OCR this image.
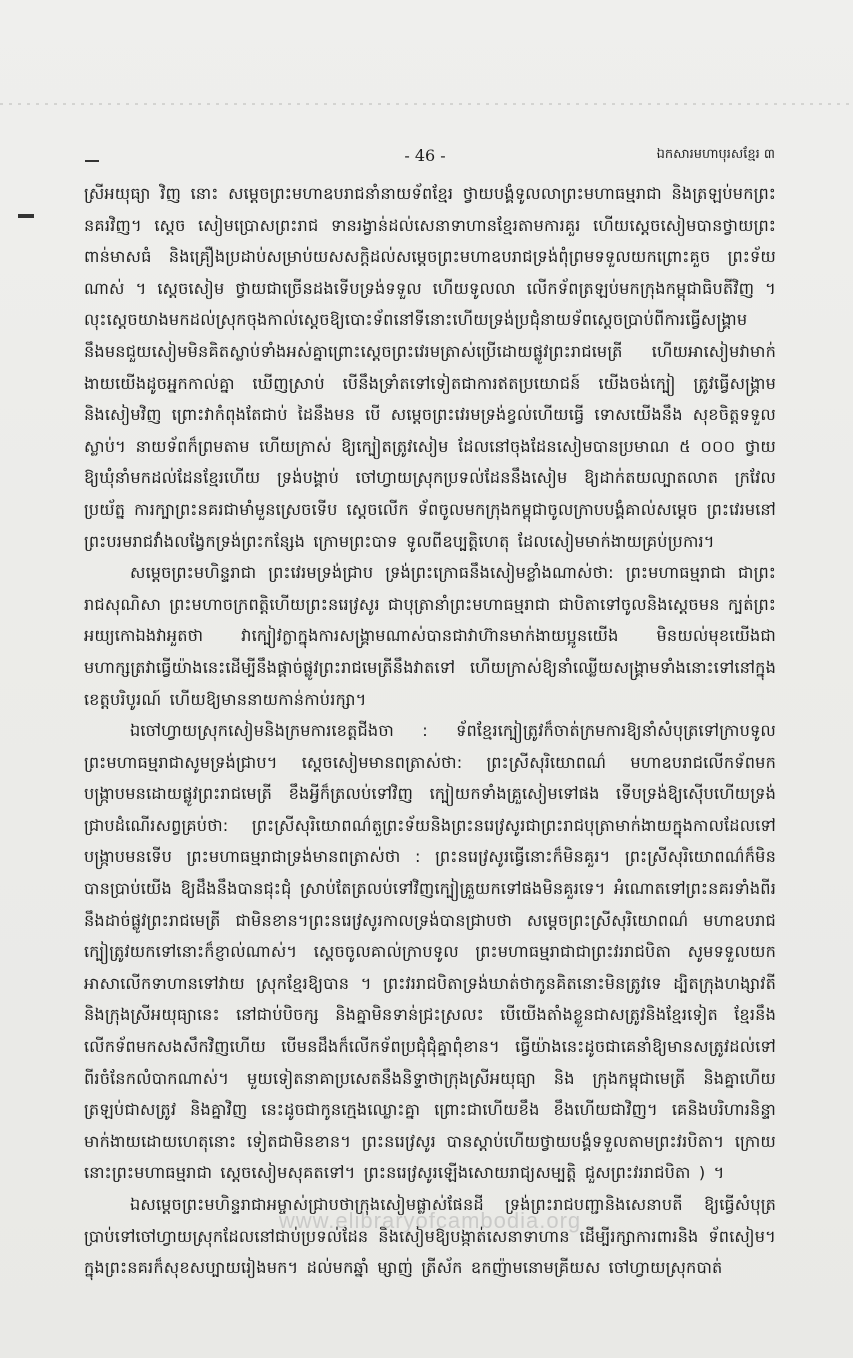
- 46 -	ឯកសារមហាបុរសខ្មែរ ៣

ស្រីអយុធ្យា វិញ នោះ សម្តេចព្រះមហាឧបរាជនាំនាយទ័ពខ្មែរ ថ្វាយបង្គំទូលលាព្រះមហាធម្មរាជា និងត្រឡប់មកព្រះនគរវិញ។ ស្តេច សៀមប្រោសព្រះរាជ ទានរង្វាន់ដល់សេនាទាហានខ្មែរតាមការគួរ ហើយស្តេចសៀមបានថ្វាយព្រះពាន់មាសធំ និងគ្រឿងប្រដាប់សម្រាប់យសសក្តិដល់សម្តេចព្រះមហាឧបរាជទ្រង់ពុំព្រមទទួលយកព្រោះគួច ព្រះទ័យណាស់ ។ ស្តេចសៀម ថ្វាយជាច្រើនដងទើបទ្រង់ទទួល ហើយទូលលា លើកទ័ពត្រឡប់មកក្រុងកម្ពុជាធិបតីវិញ ។ លុះស្តេចយាងមកដល់ស្រុកចុងកាល់ស្តេចឱ្យបោះទ័ពនៅទីនោះហើយទ្រង់ប្រជុំនាយទ័ពស្តេចប្រាប់ពីការធ្វើសង្គ្រាមនឹងមនជួយសៀមមិនគិតស្លាប់ទាំងអស់គ្នាព្រោះស្តេចព្រះវេរមត្រាស់ប្រើដោយផ្លូវព្រះរាជមេត្រី ហើយអាសៀមវាមាក់ ងាយយើងដូចអ្នកកាល់គ្នា ឃើញស្រាប់ បើនឹងទ្រាំតទៅទៀតជាការឥតប្រយោជន៍ យើងចង់ក្បៀ ត្រូវធ្វើសង្គ្រាម និងសៀមវិញ ព្រោះវាកំពុងតែជាប់ ដៃនឹងមន បើ សម្តេចព្រះវេរមទ្រង់ខ្វល់ហើយធ្វើ ទោសយើងនឹង សុខចិត្តទទួលស្លាប់។ នាយទ័ពក៏ព្រមតាម ហើយក្រាស់ ឱ្យក្បៀតត្រូវសៀម ដែលនៅចុងដែនសៀមបានប្រមាណ ៥ ០០០ ថ្វាយ ឱ្យឃុំនាំមកដល់ដែនខ្មែរហើយ ទ្រង់បង្គាប់ ចៅហ្វាយស្រុកប្រទល់ដែននឹងសៀម ឱ្យដាក់តយល្បាតលាត ក្រវែលប្រយ័ត្ន ការក្បាព្រះនគរជាមាំមួនស្រេចទើប ស្តេចលើក ទ័ពចូលមកក្រុងកម្ពុជាចូលក្រាបបង្គំគាល់សម្តេច ព្រះវេរមនៅ ព្រះបរមរាជវាំងលង្វែកទ្រង់ព្រះកន្សែង ក្រោមព្រះបាទ ទូលពីឧប្បត្តិហេតុ ដែលសៀមមាក់ងាយគ្រប់ប្រការ។

សម្តេចព្រះមហិន្ទរាជា ព្រះវេរមទ្រង់ជ្រាប ទ្រង់ព្រះក្រោធនឹងសៀមខ្លាំងណាស់ថា: ព្រះមហាធម្មរាជា ជាព្រះរាជសុណិសា ព្រះមហាចក្រពត្តិហើយព្រះនរេវ្រសូរ ជាបុត្រានាំព្រះមហាធម្មរាជា ជាបិតាទៅចូលនិងស្តេចមន ក្បត់ព្រះអយ្យកោឯងវាអួតថា វាក្បៀវក្លាក្នុងការសង្គ្រាមណាស់បានជាវាហ៊ានមាក់ងាយប្អូនយើង មិនយល់មុខយើងជាមហាក្សត្រវាធ្វើយ៉ាងនេះដើម្បីនឹងផ្តាច់ផ្លូវព្រះរាជមេត្រីនឹងវាតទៅ ហើយក្រាស់ឱ្យនាំឈ្លើយសង្គ្រាមទាំងនោះទៅនៅក្នុងខេត្តបរិបូរណ៍ ហើយឱ្យមាននាយកាន់កាប់រក្សា។

ឯចៅហ្វាយស្រុកសៀមនិងក្រមការខេត្តជីងចា : ទ័ពខ្មែរក្បៀត្រូវក៏ចាត់ក្រមការឱ្យនាំសំបុត្រទៅក្រាបទូលព្រះមហាធម្មរាជាសូមទ្រង់ជ្រាប។ ស្តេចសៀមមានពត្រាស់ថា: ព្រះស្រីសុរិយោពណ៌ មហាឧបរាជលើកទ័ពមក បង្ក្រាបមនដោយផ្លូវព្រះរាជមេត្រី ខឹងអ្វីក៏ត្រលប់ទៅវិញ ក្បៀយកទាំងគ្រួសៀមទៅផង ទើបទ្រង់ឱ្យស៊ើបហើយទ្រង់ ជ្រាបដំណើរសព្វគ្រប់ថា: ព្រះស្រីសុរិយោពណ៌តួព្រះទ័យនិងព្រះនរេវ្រសូរជាព្រះរាជបុត្រាមាក់ងាយក្នុងកាលដែលទៅបង្ក្រាបមនទើប ព្រះមហាធម្មរាជាទ្រង់មានពត្រាស់ថា : ព្រះនរេវ្រសូរធ្វើនោះក៏មិនគួរ។ ព្រះស្រីសុរិយោពណ៌ក៏មិនបានប្រាប់យើង ឱ្យដឹងនឹងបានជុះជុំ ស្រាប់តែត្រលប់ទៅវិញក្បៀគ្រួយកទៅផងមិនគួរទេ។ អំណោតទៅព្រះនគរទាំងពីរនឹងដាច់ផ្លូវព្រះរាជមេត្រី ជាមិនខាន។ព្រះនរេវ្រសូរកាលទ្រង់បានជ្រាបថា សម្តេចព្រះស្រីសុរិយោពណ៌ មហាឧបរាជក្បៀត្រូវយកទៅនោះក៏ខ្ញាល់ណាស់។ ស្តេចចូលគាល់ក្រាបទូល ព្រះមហាធម្មរាជាជាព្រះវររាជបិតា សូមទទួលយក អាសាលើកទាហានទៅវាយ ស្រុកខ្មែរឱ្យបាន ។ ព្រះវររាជបិតាទ្រង់ឃាត់ថាកូនគិតនោះមិនត្រូវទេ ដ្បិតក្រុងហង្សាវតីនិងក្រុងស្រីអយុធ្យានេះ នៅជាប់បិចក្ស និងគ្នាមិនទាន់ជ្រះស្រលះ បើយើងតាំងខ្លួនជាសត្រូវនិងខ្មែរទៀត ខ្មែរនឹងលើកទ័ពមកសងសឹកវិញហើយ បើមនដឹងក៏លើកទ័ពប្រជុំជុំគ្នាពុំខាន។ ធ្វើយ៉ាងនេះដូចជាគេនាំឱ្យមានសត្រូវដល់ទៅពីរចំនែកលំបាកណាស់។ មួយទៀតនាគាប្រសេតនឹងនិទ្ទាថាក្រុងស្រីអយុធ្យា និង ក្រុងកម្ពុជាមេត្រី និងគ្នាហើយត្រឡប់ជាសត្រូវ និងគ្នាវិញ នេះដូចជាកូនក្មេងឈ្លោះគ្នា ព្រោះជាហើយខឹង ខឹងហើយជាវិញ។ គេនិងបរិហារនិន្ទា មាក់ងាយដោយហេតុនោះ ទៀតជាមិនខាន។ ព្រះនរេវ្រសូរ បានស្តាប់ហើយថ្វាយបង្គំទទួលតាមព្រះវរបិតា។ ក្រោយនោះព្រះមហាធម្មរាជា ស្តេចសៀមសុគតទៅ។ ព្រះនរេវ្រសូរឡើងសោយរាជ្យសម្បត្តិ ជួសព្រះវររាជបិតា ) ។

ឯសម្តេចព្រះមហិន្ទរាជាអម្ចាស់ជ្រាបថាក្រុងសៀមផ្លាស់ផែនដី ទ្រង់ព្រះរាជបញ្ជានិងសេនាបតី ឱ្យធ្វើសំបុត្រ ប្រាប់ទៅចៅហ្វាយស្រុកដែលនៅជាប់ប្រទល់ដែន និងសៀមឱ្យបង្កាត់សេនាទាហាន ដើម្បីរក្សាការពារនិង ទ័ពសៀម។ ក្នុងព្រះនគរក៏សុខសប្បាយរៀងមក។ ដល់មកឆ្នាំ ម្សាញ់ ត្រីស័ក ឧកញ៉ាមនោមគ្រីយស ចៅហ្វាយស្រុកបាត់

www.elibraryofcambodia.org
